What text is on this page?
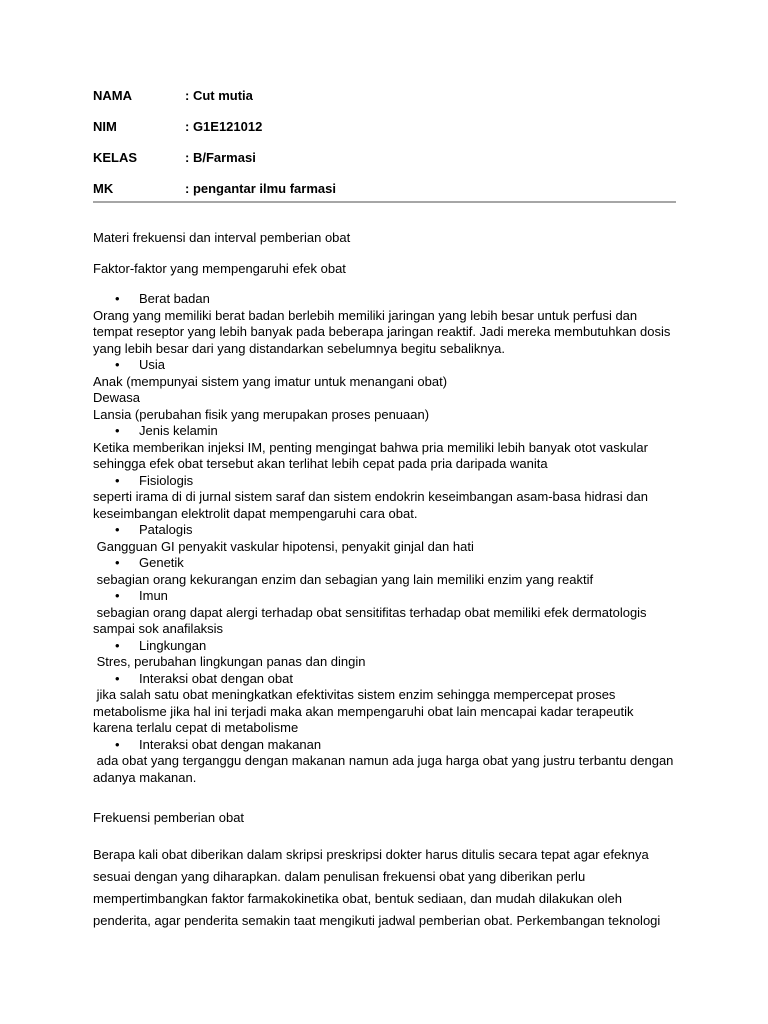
NAMA	: Cut mutia
NIM	: G1E121012
KELAS	: B/Farmasi
MK	: pengantar ilmu farmasi

Materi frekuensi dan interval pemberian obat

Faktor-faktor yang mempengaruhi efek obat

• Berat badan
Orang yang memiliki berat badan berlebih memiliki jaringan yang lebih besar untuk perfusi dan
tempat reseptor yang lebih banyak pada beberapa jaringan reaktif. Jadi mereka membutuhkan dosis
yang lebih besar dari yang distandarkan sebelumnya begitu sebaliknya.
• Usia
Anak (mempunyai sistem yang imatur untuk menangani obat)
Dewasa
Lansia (perubahan fisik yang merupakan proses penuaan)
• Jenis kelamin
Ketika memberikan injeksi IM, penting mengingat bahwa pria memiliki lebih banyak otot vaskular
sehingga efek obat tersebut akan terlihat lebih cepat pada pria daripada wanita
• Fisiologis
seperti irama di di jurnal sistem saraf dan sistem endokrin keseimbangan asam-basa hidrasi dan
keseimbangan elektrolit dapat mempengaruhi cara obat.
• Patalogis
Gangguan GI penyakit vaskular hipotensi, penyakit ginjal dan hati
• Genetik
sebagian orang kekurangan enzim dan sebagian yang lain memiliki enzim yang reaktif
• Imun
sebagian orang dapat alergi terhadap obat sensitifitas terhadap obat memiliki efek dermatologis
sampai sok anafilaksis
• Lingkungan
Stres, perubahan lingkungan panas dan dingin
• Interaksi obat dengan obat
jika salah satu obat meningkatkan efektivitas sistem enzim sehingga mempercepat proses
metabolisme jika hal ini terjadi maka akan mempengaruhi obat lain mencapai kadar terapeutik
karena terlalu cepat di metabolisme
• Interaksi obat dengan makanan
ada obat yang terganggu dengan makanan namun ada juga harga obat yang justru terbantu dengan
adanya makanan.

Frekuensi pemberian obat

Berapa kali obat diberikan dalam skripsi preskripsi dokter harus ditulis secara tepat agar efeknya
sesuai dengan yang diharapkan. dalam penulisan frekuensi obat yang diberikan perlu
mempertimbangkan faktor farmakokinetika obat, bentuk sediaan, dan mudah dilakukan oleh
penderita, agar penderita semakin taat mengikuti jadwal pemberian obat. Perkembangan teknologi
